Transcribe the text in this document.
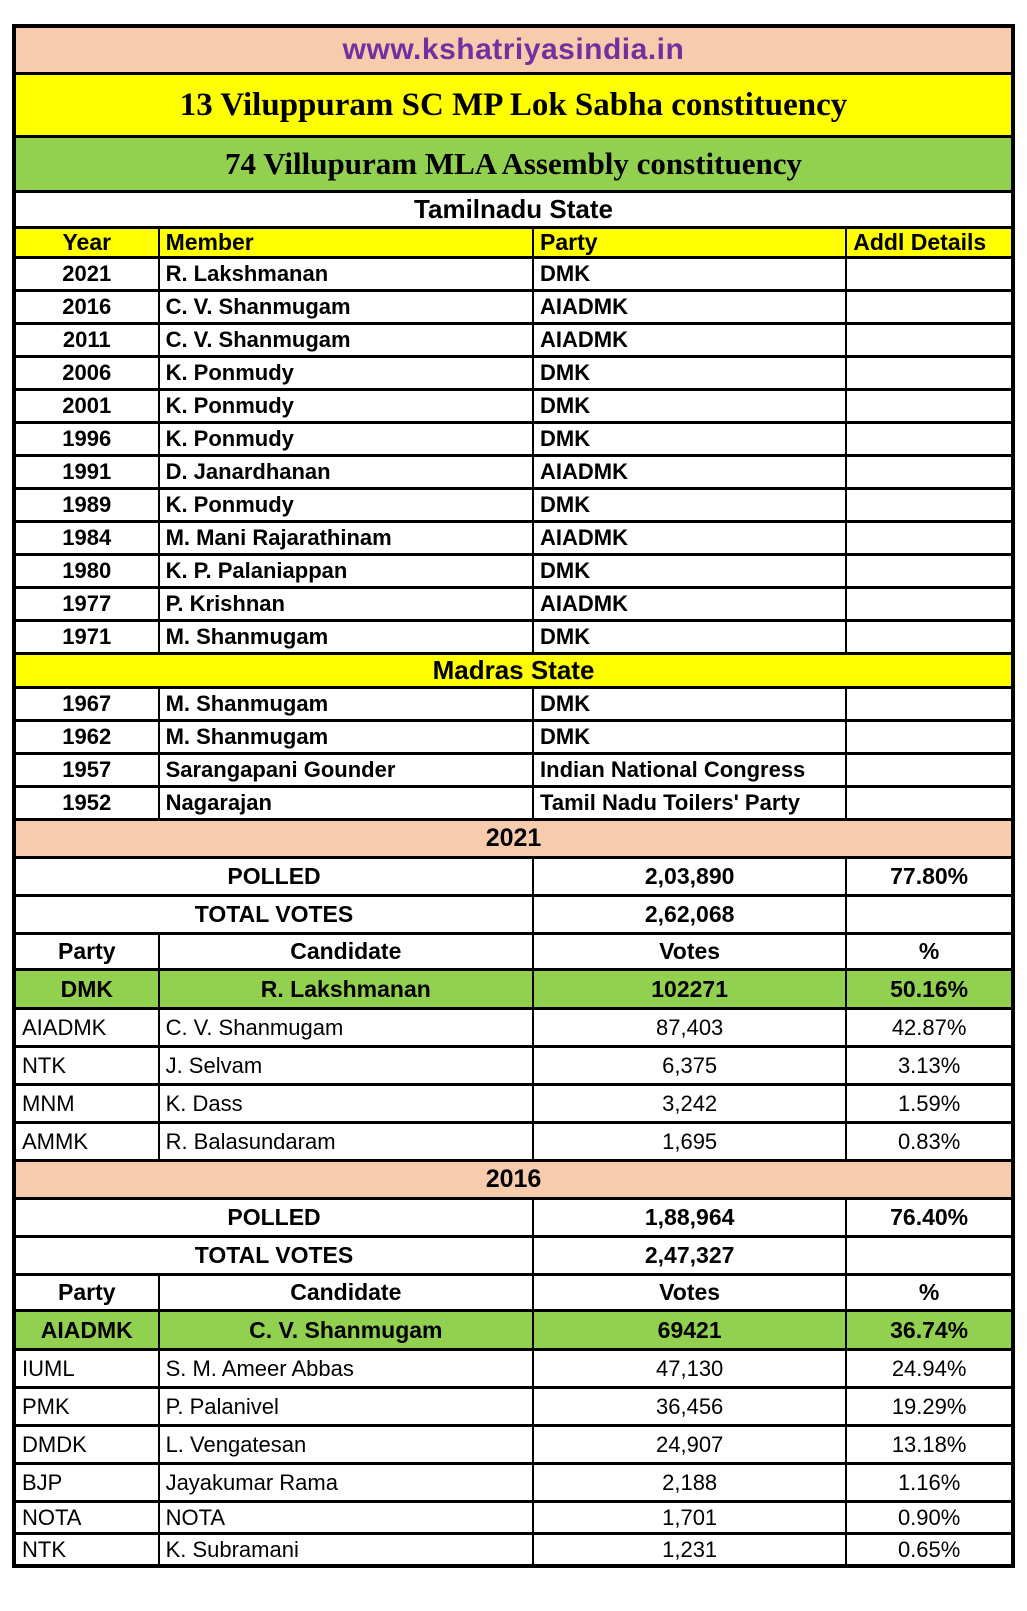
www.kshatriyasindia.in			
13 Viluppuram SC MP Lok Sabha constituency			
74 Villupuram MLA Assembly constituency			
Tamilnadu State			
Year	Member	Party	Addl Details
2021	R. Lakshmanan	DMK	
2016	C. V. Shanmugam	AIADMK	
2011	C. V. Shanmugam	AIADMK	
2006	K. Ponmudy	DMK	
2001	K. Ponmudy	DMK	
1996	K. Ponmudy	DMK	
1991	D. Janardhanan	AIADMK	
1989	K. Ponmudy	DMK	
1984	M. Mani Rajarathinam	AIADMK	
1980	K. P. Palaniappan	DMK	
1977	P. Krishnan	AIADMK	
1971	M. Shanmugam	DMK	
Madras State			
1967	M. Shanmugam	DMK	
1962	M. Shanmugam	DMK	
1957	Sarangapani Gounder	Indian National Congress	
1952	Nagarajan	Tamil Nadu Toilers' Party	
2021			
POLLED		2,03,890	77.80%
TOTAL VOTES		2,62,068	
Party	Candidate	Votes	%
DMK	R. Lakshmanan	102271	50.16%
AIADMK	C. V. Shanmugam	87,403	42.87%
NTK	J. Selvam	6,375	3.13%
MNM	K. Dass	3,242	1.59%
AMMK	R. Balasundaram	1,695	0.83%
2016			
POLLED		1,88,964	76.40%
TOTAL VOTES		2,47,327	
Party	Candidate	Votes	%
AIADMK	C. V. Shanmugam	69421	36.74%
IUML	S. M. Ameer Abbas	47,130	24.94%
PMK	P. Palanivel	36,456	19.29%
DMDK	L. Vengatesan	24,907	13.18%
BJP	Jayakumar Rama	2,188	1.16%
NOTA	NOTA	1,701	0.90%
NTK	K. Subramani	1,231	0.65%
